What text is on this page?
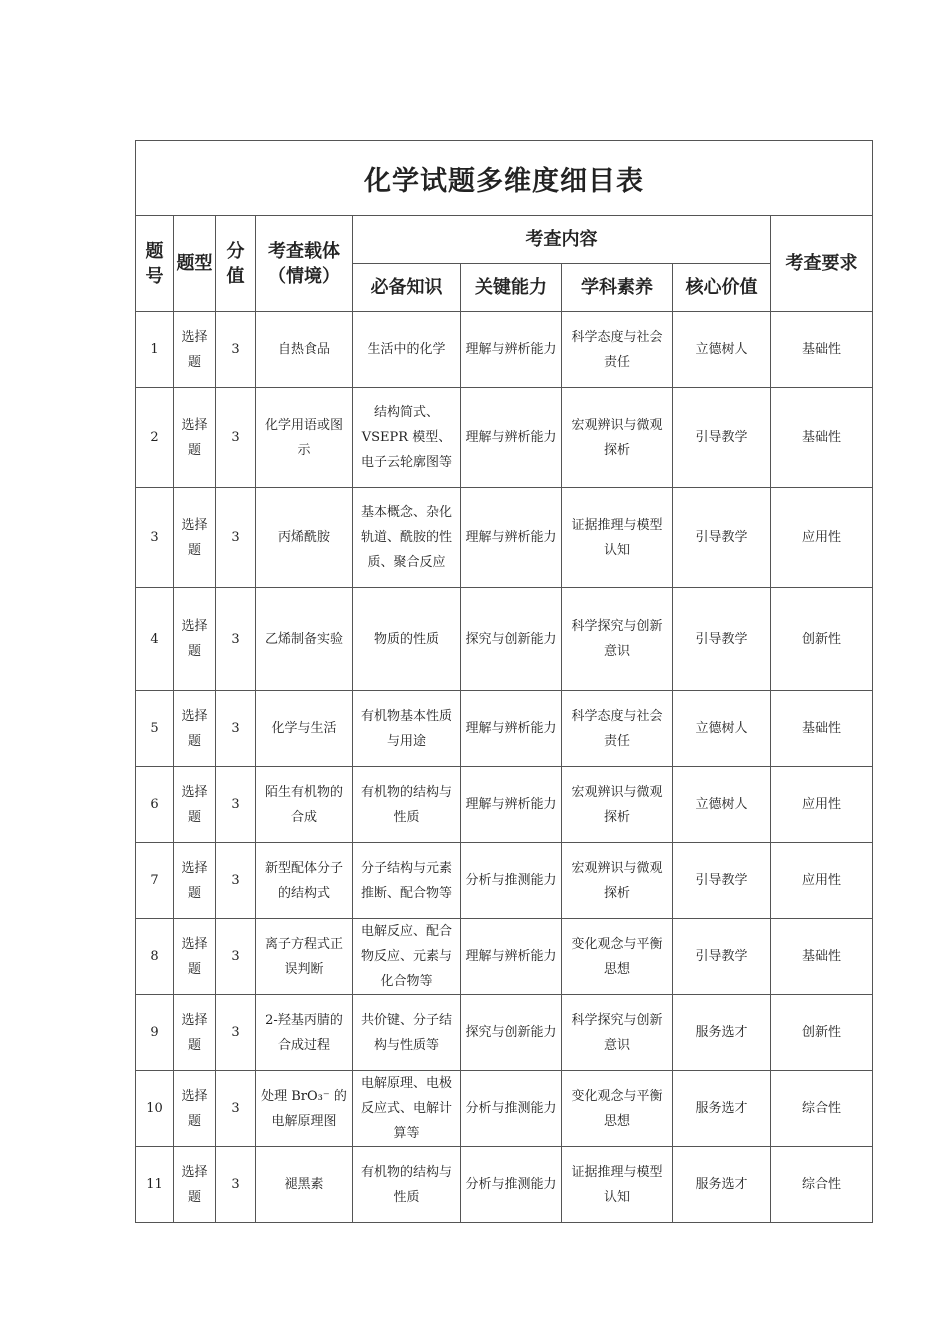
化学试题多维度细目表								
题号	题型	分值	考查载体（情境）	考查内容				考查要求
				必备知识	关键能力	学科素养	核心价值	
1	选择题	3	自热食品	生活中的化学	理解与辨析能力	科学态度与社会责任	立德树人	基础性
2	选择题	3	化学用语或图示	结构简式、VSEPR 模型、电子云轮廓图等	理解与辨析能力	宏观辨识与微观探析	引导教学	基础性
3	选择题	3	丙烯酰胺	基本概念、杂化轨道、酰胺的性质、聚合反应	理解与辨析能力	证据推理与模型认知	引导教学	应用性
4	选择题	3	乙烯制备实验	物质的性质	探究与创新能力	科学探究与创新意识	引导教学	创新性
5	选择题	3	化学与生活	有机物基本性质与用途	理解与辨析能力	科学态度与社会责任	立德树人	基础性
6	选择题	3	陌生有机物的合成	有机物的结构与性质	理解与辨析能力	宏观辨识与微观探析	立德树人	应用性
7	选择题	3	新型配体分子的结构式	分子结构与元素推断、配合物等	分析与推测能力	宏观辨识与微观探析	引导教学	应用性
8	选择题	3	离子方程式正误判断	电解反应、配合物反应、元素与化合物等	理解与辨析能力	变化观念与平衡思想	引导教学	基础性
9	选择题	3	2-羟基丙腈的合成过程	共价键、分子结构与性质等	探究与创新能力	科学探究与创新意识	服务选才	创新性
10	选择题	3	处理 BrO₃⁻ 的电解原理图	电解原理、电极反应式、电解计算等	分析与推测能力	变化观念与平衡思想	服务选才	综合性
11	选择题	3	褪黑素	有机物的结构与性质	分析与推测能力	证据推理与模型认知	服务选才	综合性
